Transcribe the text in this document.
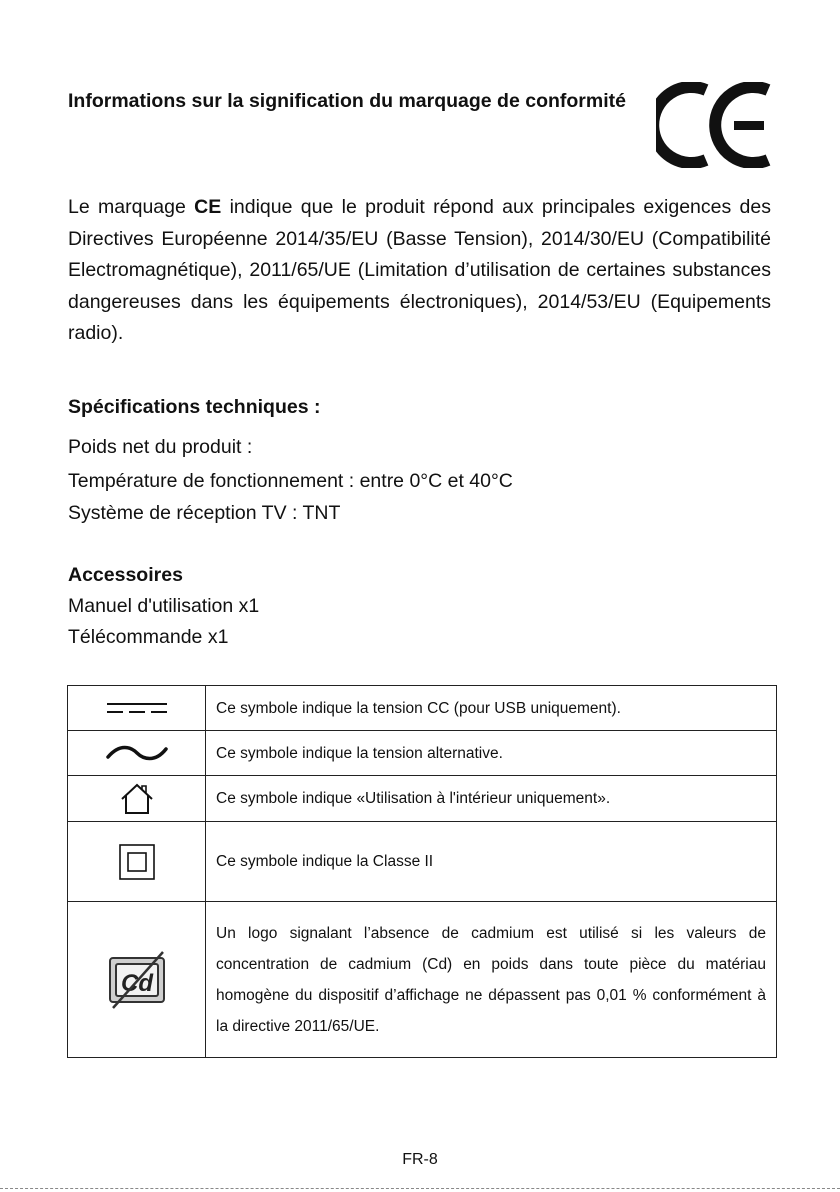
Informations sur la signification du marquage de conformité

Le marquage CE indique que le produit répond aux principales exigences des Directives Européenne 2014/35/EU (Basse Tension), 2014/30/EU (Compatibilité Electromagnétique), 2011/65/UE (Limitation d’utilisation de certaines substances dangereuses dans les équipements électroniques), 2014/53/EU (Equipements radio).

Spécifications techniques :

Poids net du produit :

Température de fonctionnement : entre 0°C et 40°C

Système de réception TV : TNT

Accessoires

Manuel d'utilisation x1

Télécommande x1

	Ce symbole indique la tension CC (pour USB uniquement).

	Ce symbole indique la tension alternative.

	Ce symbole indique «Utilisation à l'intérieur uniquement».

	Ce symbole indique la Classe II

Cd	Un logo signalant l’absence de cadmium est utilisé si les valeurs de concentration de cadmium (Cd) en poids dans toute pièce du matériau homogène du dispositif d’affichage ne dépassent pas 0,01 % conformément à la directive 2011/65/UE.

FR-8
